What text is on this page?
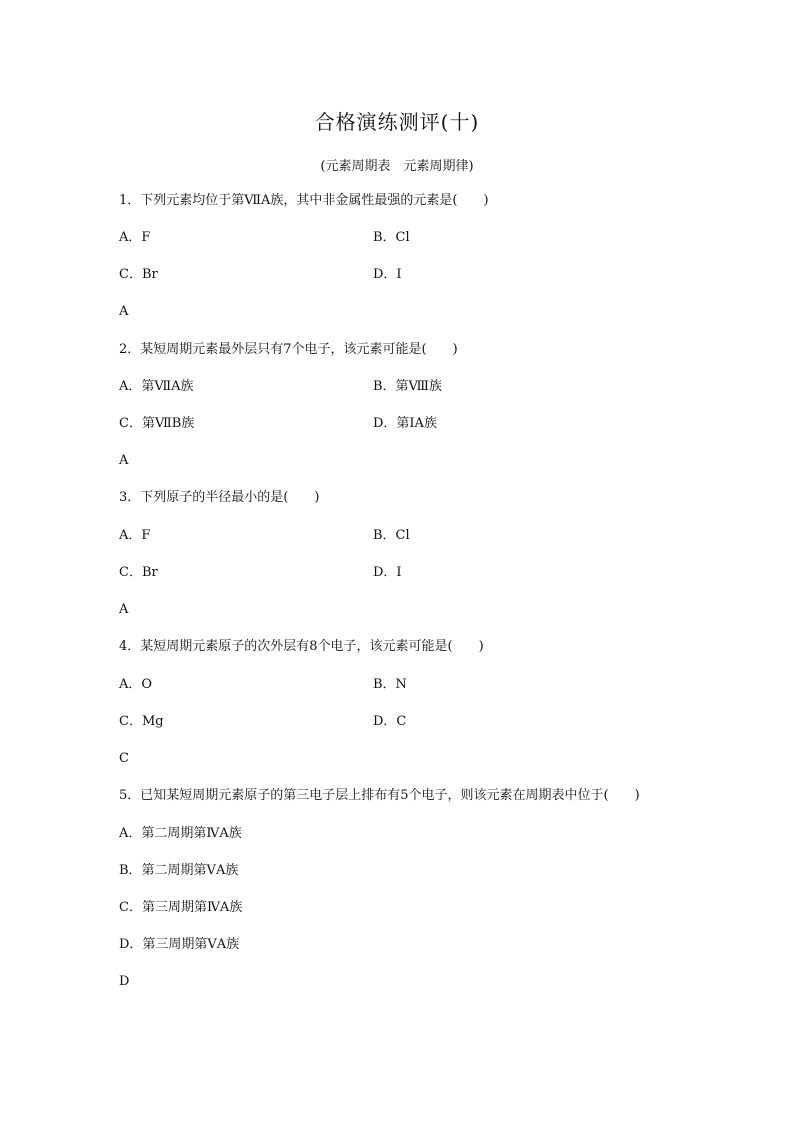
合格演练测评(十)
(元素周期表　元素周期律)
1．下列元素均位于第ⅦA族，其中非金属性最强的元素是(　　)
A．F	B．Cl
C．Br	D．I
A
2．某短周期元素最外层只有7个电子，该元素可能是(　　)
A．第ⅦA族	B．第Ⅷ族
C．第ⅦB族	D．第ⅠA族
A
3．下列原子的半径最小的是(　　)
A．F	B．Cl
C．Br	D．I
A
4．某短周期元素原子的次外层有8个电子，该元素可能是(　　)
A．O	B．N
C．Mg	D．C
C
5．已知某短周期元素原子的第三电子层上排布有5个电子，则该元素在周期表中位于(　　)
A．第二周期第ⅣA族
B．第二周期第ⅤA族
C．第三周期第ⅣA族
D．第三周期第ⅤA族
D
